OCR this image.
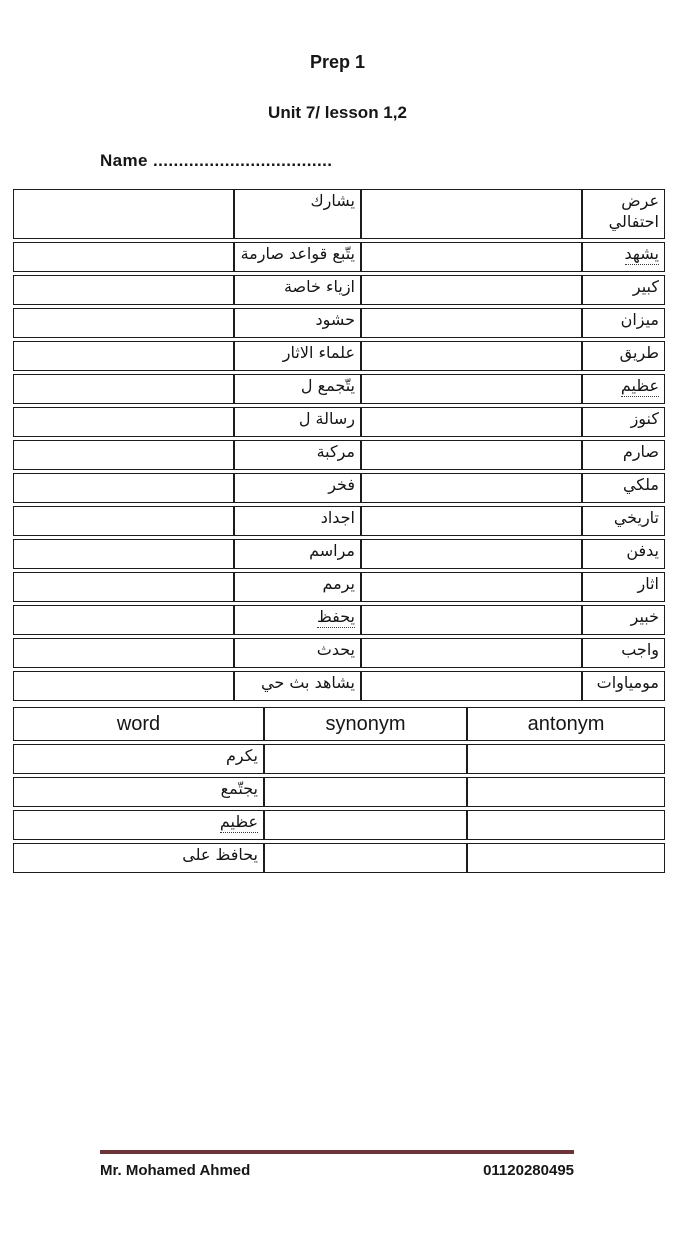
Prep 1
Unit 7/ lesson 1,2
Name ...................................
	يشارك		عرض احتفالي
	يتّبع قواعد صارمة		يشهد
	ازياء خاصة		كبير
	حشود		ميزان
	علماء الاثار		طريق
	يتّجمع ل		عظيم
	رسالة ل		كنوز
	مركبة		صارم
	فخر		ملكي
	اجداد		تاريخي
	مراسم		يدفن
	يرمم		اثار
	يحفظ		خبير
	يحدث		واجب
	يشاهد بث حي		مومياوات
word	synonym	antonym
يكرم		
يجتّمع		
عظيم		
يحافظ على		
Mr. Mohamed Ahmed	01120280495
